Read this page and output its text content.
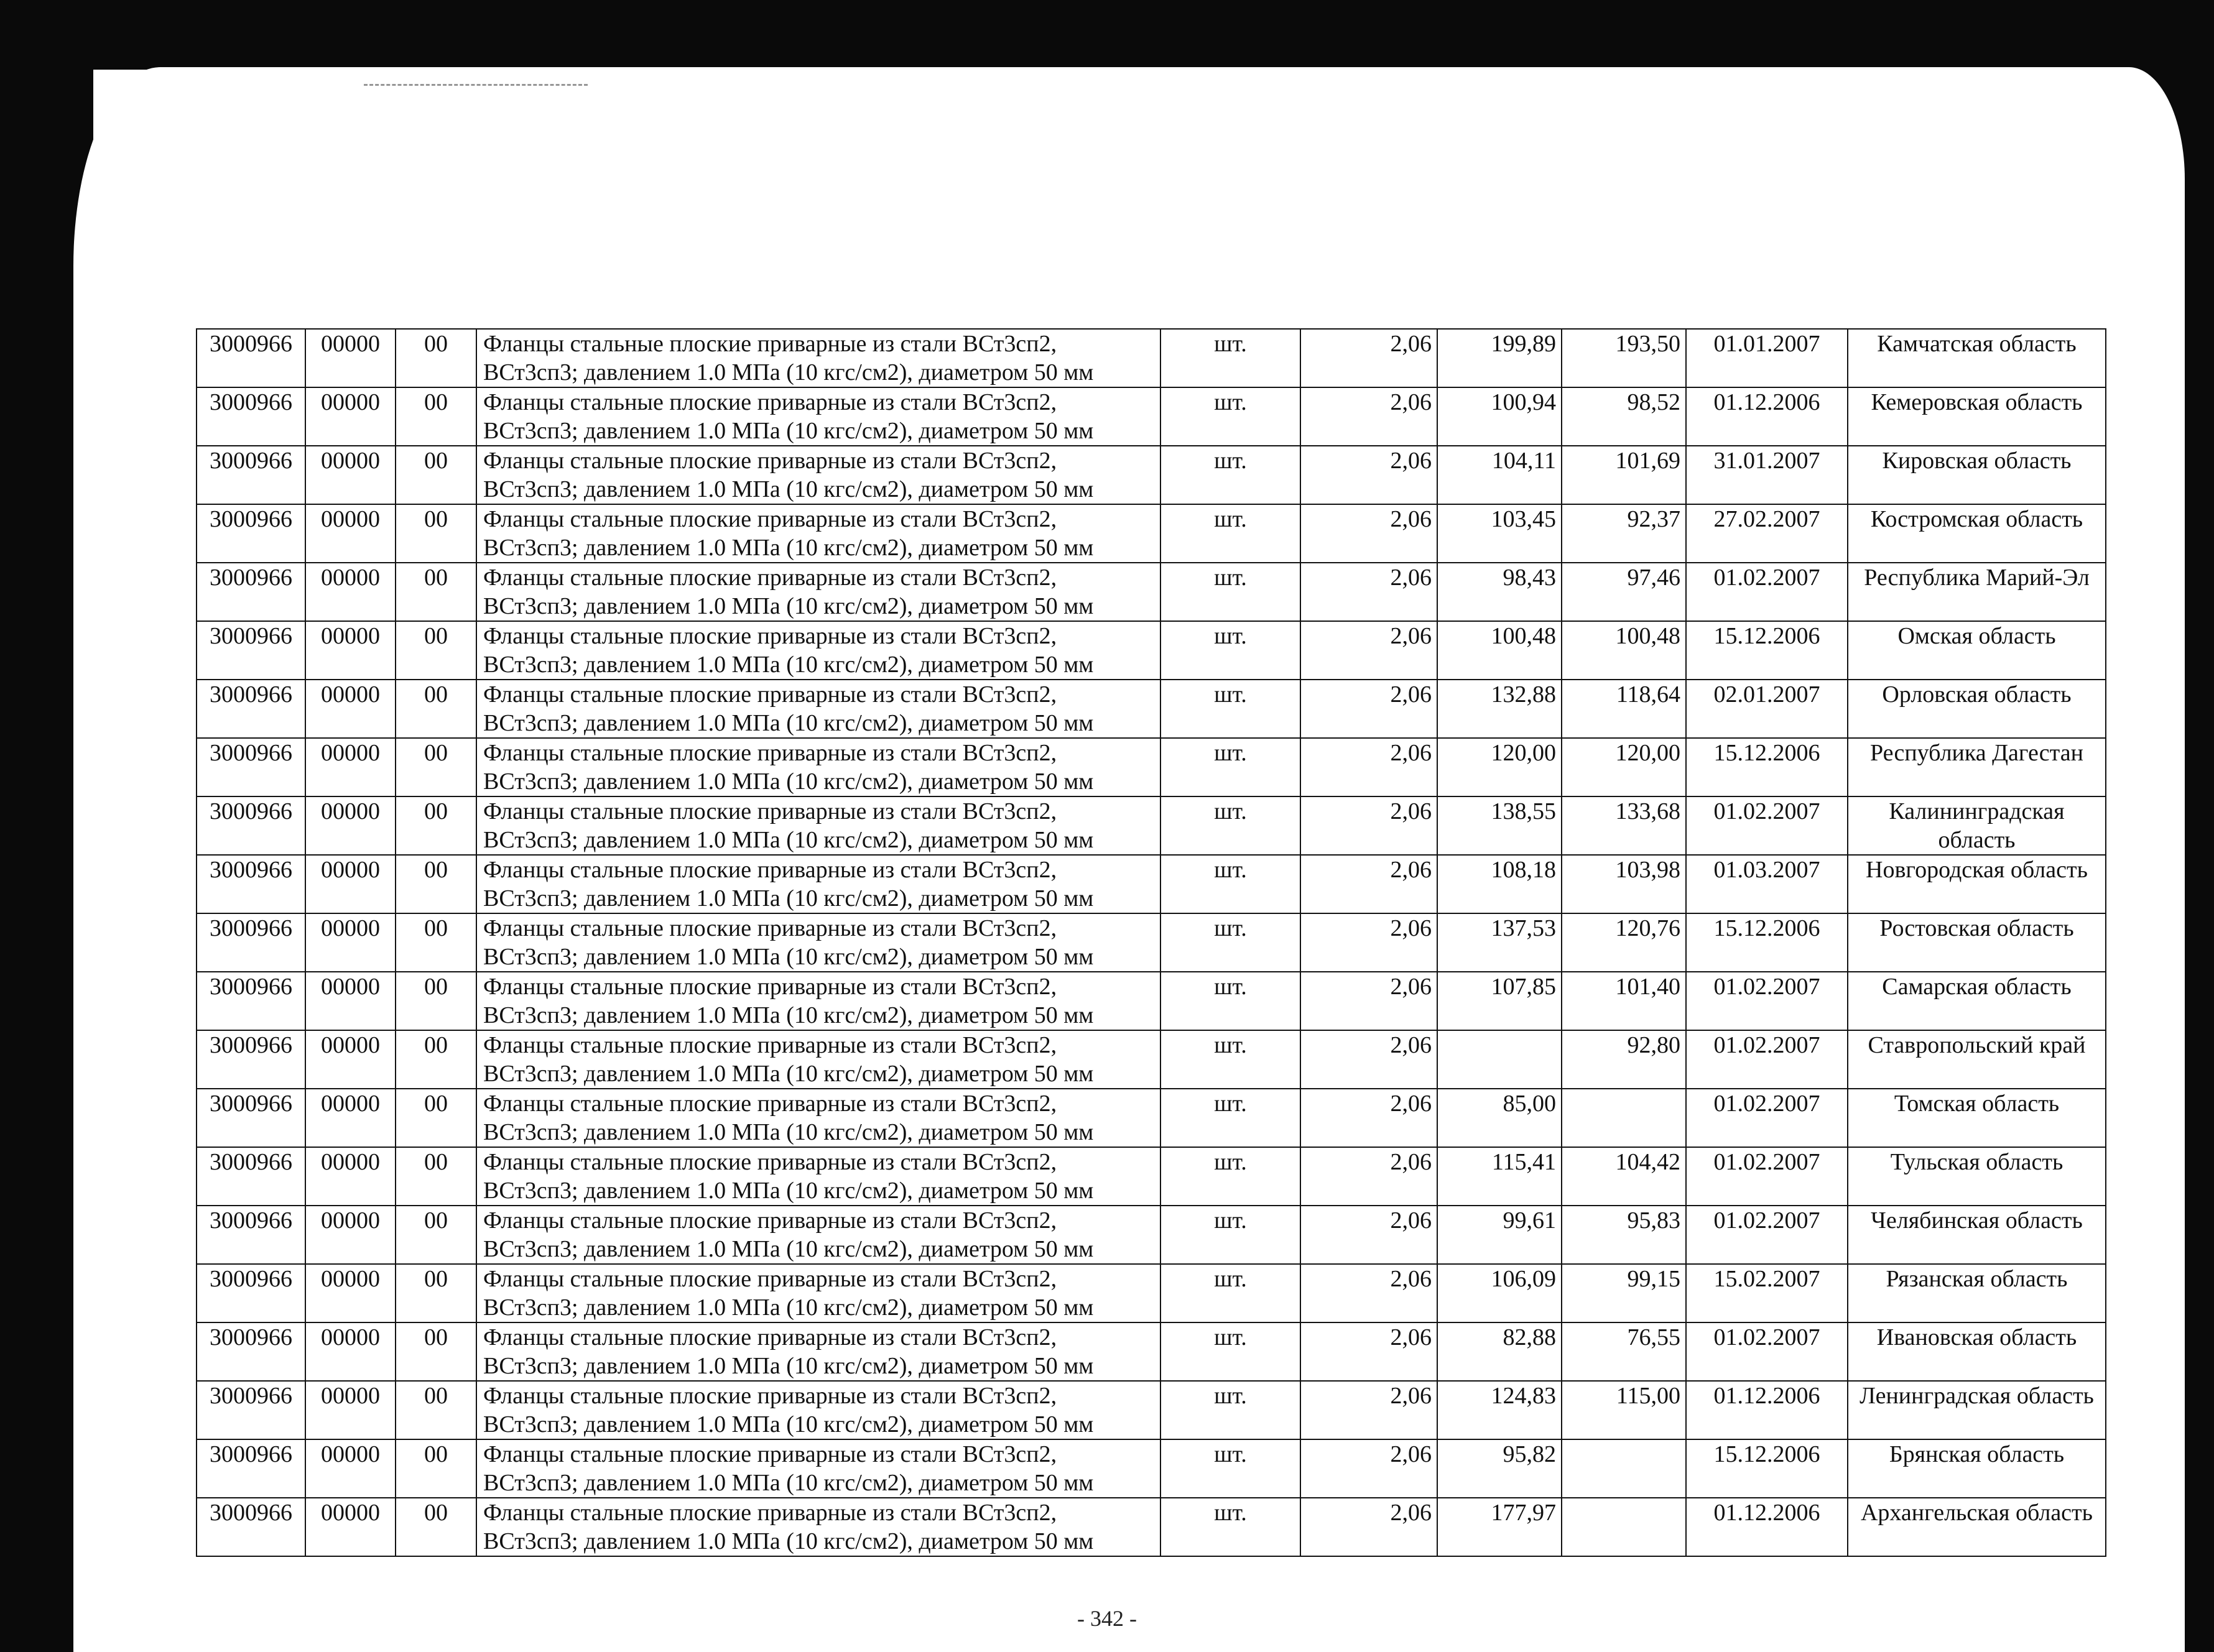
3000966	00000	00	Фланцы стальные плоские приварные из стали ВСт3сп2,
ВСт3сп3; давлением 1.0 МПа (10 кгс/см2), диаметром 50 мм	шт.	2,06	199,89	193,50	01.01.2007	Камчатская область
3000966	00000	00	Фланцы стальные плоские приварные из стали ВСт3сп2,
ВСт3сп3; давлением 1.0 МПа (10 кгс/см2), диаметром 50 мм	шт.	2,06	100,94	98,52	01.12.2006	Кемеровская область
3000966	00000	00	Фланцы стальные плоские приварные из стали ВСт3сп2,
ВСт3сп3; давлением 1.0 МПа (10 кгс/см2), диаметром 50 мм	шт.	2,06	104,11	101,69	31.01.2007	Кировская область
3000966	00000	00	Фланцы стальные плоские приварные из стали ВСт3сп2,
ВСт3сп3; давлением 1.0 МПа (10 кгс/см2), диаметром 50 мм	шт.	2,06	103,45	92,37	27.02.2007	Костромская область
3000966	00000	00	Фланцы стальные плоские приварные из стали ВСт3сп2,
ВСт3сп3; давлением 1.0 МПа (10 кгс/см2), диаметром 50 мм	шт.	2,06	98,43	97,46	01.02.2007	Республика Марий-Эл
3000966	00000	00	Фланцы стальные плоские приварные из стали ВСт3сп2,
ВСт3сп3; давлением 1.0 МПа (10 кгс/см2), диаметром 50 мм	шт.	2,06	100,48	100,48	15.12.2006	Омская область
3000966	00000	00	Фланцы стальные плоские приварные из стали ВСт3сп2,
ВСт3сп3; давлением 1.0 МПа (10 кгс/см2), диаметром 50 мм	шт.	2,06	132,88	118,64	02.01.2007	Орловская область
3000966	00000	00	Фланцы стальные плоские приварные из стали ВСт3сп2,
ВСт3сп3; давлением 1.0 МПа (10 кгс/см2), диаметром 50 мм	шт.	2,06	120,00	120,00	15.12.2006	Республика Дагестан
3000966	00000	00	Фланцы стальные плоские приварные из стали ВСт3сп2,
ВСт3сп3; давлением 1.0 МПа (10 кгс/см2), диаметром 50 мм	шт.	2,06	138,55	133,68	01.02.2007	Калининградская область
3000966	00000	00	Фланцы стальные плоские приварные из стали ВСт3сп2,
ВСт3сп3; давлением 1.0 МПа (10 кгс/см2), диаметром 50 мм	шт.	2,06	108,18	103,98	01.03.2007	Новгородская область
3000966	00000	00	Фланцы стальные плоские приварные из стали ВСт3сп2,
ВСт3сп3; давлением 1.0 МПа (10 кгс/см2), диаметром 50 мм	шт.	2,06	137,53	120,76	15.12.2006	Ростовская область
3000966	00000	00	Фланцы стальные плоские приварные из стали ВСт3сп2,
ВСт3сп3; давлением 1.0 МПа (10 кгс/см2), диаметром 50 мм	шт.	2,06	107,85	101,40	01.02.2007	Самарская область
3000966	00000	00	Фланцы стальные плоские приварные из стали ВСт3сп2,
ВСт3сп3; давлением 1.0 МПа (10 кгс/см2), диаметром 50 мм	шт.	2,06		92,80	01.02.2007	Ставропольский край
3000966	00000	00	Фланцы стальные плоские приварные из стали ВСт3сп2,
ВСт3сп3; давлением 1.0 МПа (10 кгс/см2), диаметром 50 мм	шт.	2,06	85,00		01.02.2007	Томская область
3000966	00000	00	Фланцы стальные плоские приварные из стали ВСт3сп2,
ВСт3сп3; давлением 1.0 МПа (10 кгс/см2), диаметром 50 мм	шт.	2,06	115,41	104,42	01.02.2007	Тульская область
3000966	00000	00	Фланцы стальные плоские приварные из стали ВСт3сп2,
ВСт3сп3; давлением 1.0 МПа (10 кгс/см2), диаметром 50 мм	шт.	2,06	99,61	95,83	01.02.2007	Челябинская область
3000966	00000	00	Фланцы стальные плоские приварные из стали ВСт3сп2,
ВСт3сп3; давлением 1.0 МПа (10 кгс/см2), диаметром 50 мм	шт.	2,06	106,09	99,15	15.02.2007	Рязанская область
3000966	00000	00	Фланцы стальные плоские приварные из стали ВСт3сп2,
ВСт3сп3; давлением 1.0 МПа (10 кгс/см2), диаметром 50 мм	шт.	2,06	82,88	76,55	01.02.2007	Ивановская область
3000966	00000	00	Фланцы стальные плоские приварные из стали ВСт3сп2,
ВСт3сп3; давлением 1.0 МПа (10 кгс/см2), диаметром 50 мм	шт.	2,06	124,83	115,00	01.12.2006	Ленинградская область
3000966	00000	00	Фланцы стальные плоские приварные из стали ВСт3сп2,
ВСт3сп3; давлением 1.0 МПа (10 кгс/см2), диаметром 50 мм	шт.	2,06	95,82		15.12.2006	Брянская область
3000966	00000	00	Фланцы стальные плоские приварные из стали ВСт3сп2,
ВСт3сп3; давлением 1.0 МПа (10 кгс/см2), диаметром 50 мм	шт.	2,06	177,97		01.12.2006	Архангельская область
- 342 -
